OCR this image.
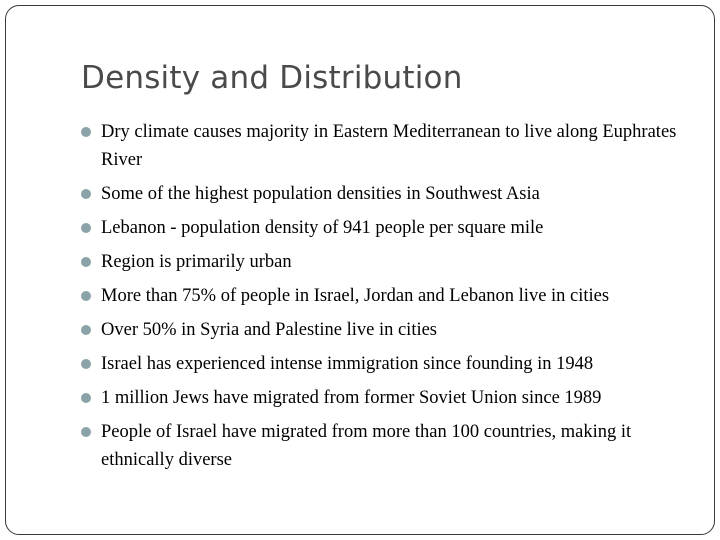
Density and Distribution
Dry climate causes majority in Eastern Mediterranean to live along Euphrates River
Some of the highest population densities in Southwest Asia
Lebanon - population density of 941 people per square mile
Region is primarily urban
More than 75% of people in Israel, Jordan and Lebanon live in cities
Over 50% in Syria and Palestine live in cities
Israel has experienced intense immigration since founding in 1948
1 million Jews have migrated from former Soviet Union since 1989
People of Israel have migrated from more than 100 countries, making it ethnically diverse
